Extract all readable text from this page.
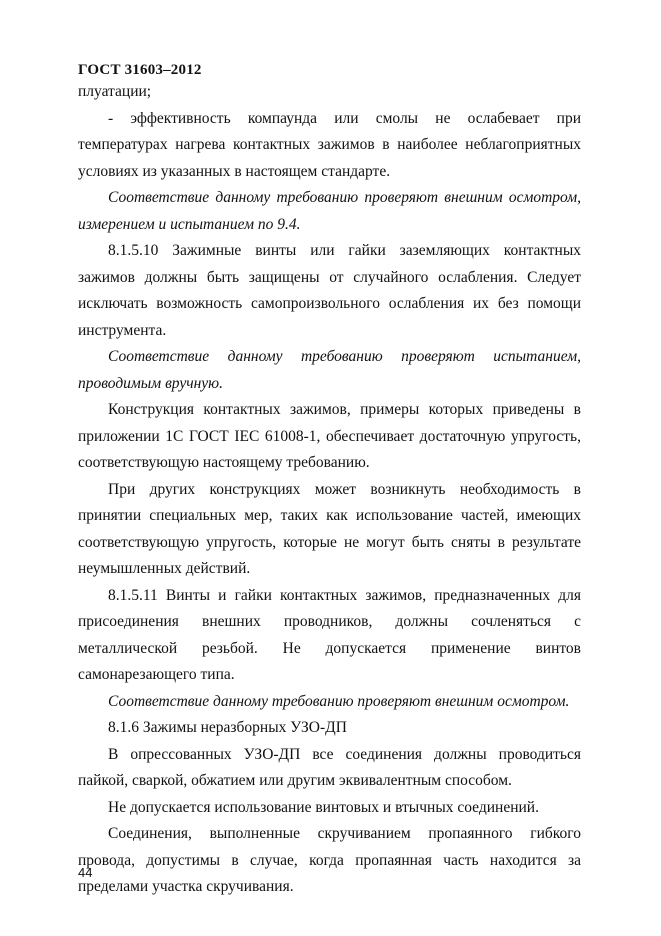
ГОСТ 31603–2012

плуатации;

- эффективность компаунда или смолы не ослабевает при температурах нагрева контактных зажимов в наиболее неблагоприятных условиях из указанных в настоящем стандарте.

Соответствие данному требованию проверяют внешним осмотром, измерением и испытанием по 9.4.

8.1.5.10 Зажимные винты или гайки заземляющих контактных зажимов должны быть защищены от случайного ослабления. Следует исключать возможность самопроизвольного ослабления их без помощи инструмента.

Соответствие данному требованию проверяют испытанием, проводимым вручную.

Конструкция контактных зажимов, примеры которых приведены в приложении 1С ГОСТ IEC 61008-1, обеспечивает достаточную упругость, соответствующую настоящему требованию.

При других конструкциях может возникнуть необходимость в принятии специальных мер, таких как использование частей, имеющих соответствующую упругость, которые не могут быть сняты в результате неумышленных действий.

8.1.5.11 Винты и гайки контактных зажимов, предназначенных для присоединения внешних проводников, должны сочленяться с металлической резьбой. Не допускается применение винтов самонарезающего типа.

Соответствие данному требованию проверяют внешним осмотром.

8.1.6 Зажимы неразборных УЗО-ДП

В опрессованных УЗО-ДП все соединения должны проводиться пайкой, сваркой, обжатием или другим эквивалентным способом.

Не допускается использование винтовых и втычных соединений.

Соединения, выполненные скручиванием пропаянного гибкого провода, допустимы в случае, когда пропаянная часть находится за пределами участка скручивания.

44
